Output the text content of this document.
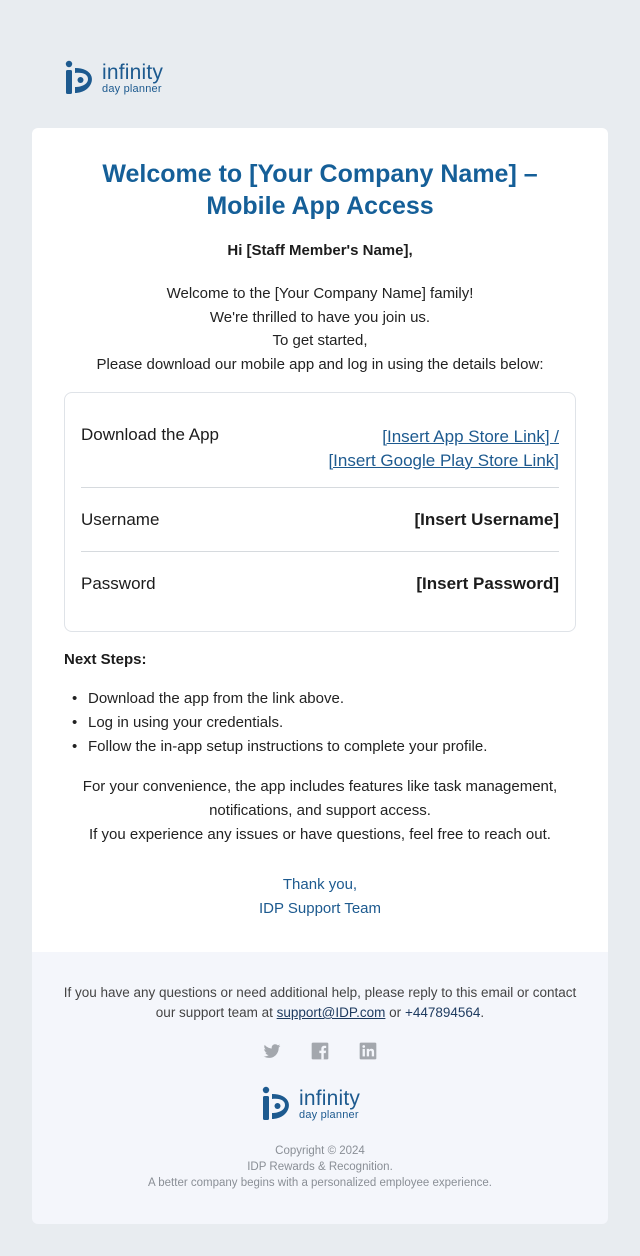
infinity
day planner
Welcome to [Your Company Name] – Mobile App Access
Hi [Staff Member's Name],
Welcome to the [Your Company Name] family!
We're thrilled to have you join us.
To get started,
Please download our mobile app and log in using the details below:
Download the App	[Insert App Store Link] /
[Insert Google Play Store Link]
Username	[Insert Username]
Password	[Insert Password]
Next Steps:
• Download the app from the link above.
• Log in using your credentials.
• Follow the in-app setup instructions to complete your profile.
For your convenience, the app includes features like task management,
notifications, and support access.
If you experience any issues or have questions, feel free to reach out.
Thank you,
IDP Support Team
If you have any questions or need additional help, please reply to this email or contact our support team at support@IDP.com or +447894564.
infinity
day planner
Copyright © 2024
IDP Rewards & Recognition.
A better company begins with a personalized employee experience.
